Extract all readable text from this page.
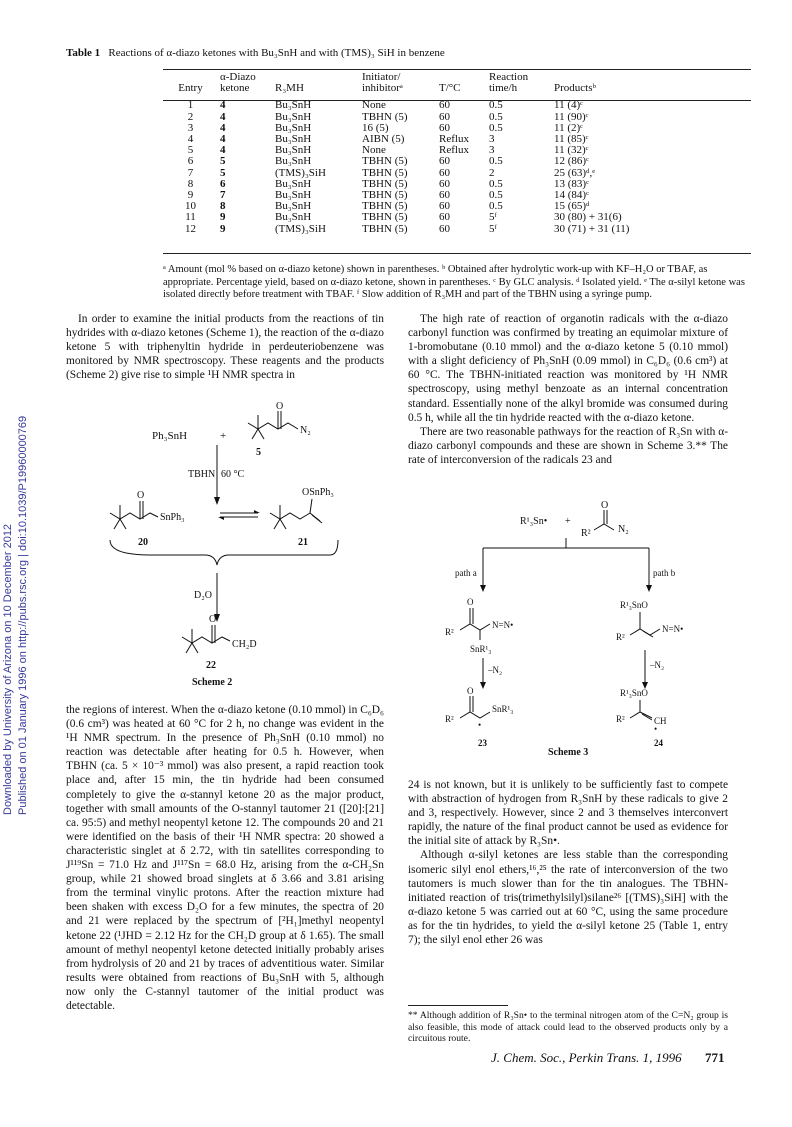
Downloaded by University of Arizona on 10 December 2012 Published on 01 January 1996 on http://pubs.rsc.org | doi:10.1039/P19960000769
Table 1 Reactions of α-diazo ketones with Bu₃SnH and with (TMS)₃ SiH in benzene
	α-Diazo		Initiator/		Reaction	
Entry	ketone	R₃MH	inhibitorᵃ	T/°C	time/h	Productsᵇ

1	4	Bu₃SnH	None	60	0.5	11 (4)ᶜ
2	4	Bu₃SnH	TBHN (5)	60	0.5	11 (90)ᶜ
3	4	Bu₃SnH	16 (5)	60	0.5	11 (2)ᶜ
4	4	Bu₃SnH	AIBN (5)	Reflux	3	11 (85)ᶜ
5	4	Bu₃SnH	None	Reflux	3	11 (32)ᶜ
6	5	Bu₃SnH	TBHN (5)	60	0.5	12 (86)ᶜ
7	5	(TMS)₃SiH	TBHN (5)	60	2	25 (63)ᵈ,ᵉ
8	6	Bu₃SnH	TBHN (5)	60	0.5	13 (83)ᶜ
9	7	Bu₃SnH	TBHN (5)	60	0.5	14 (84)ᶜ
10	8	Bu₃SnH	TBHN (5)	60	0.5	15 (65)ᵈ
11	9	Bu₃SnH	TBHN (5)	60	5ᶠ	30 (80) + 31(6)
12	9	(TMS)₃SiH	TBHN (5)	60	5ᶠ	30 (71) + 31 (11)
ᵃ Amount (mol % based on α-diazo ketone) shown in parentheses. ᵇ Obtained after hydrolytic work-up with KF–H₂O or TBAF, as appropriate. Percentage yield, based on α-diazo ketone, shown in parentheses. ᶜ By GLC analysis. ᵈ Isolated yield. ᵉ The α-silyl ketone was isolated directly before treatment with TBAF. ᶠ Slow addition of R₃MH and part of the TBHN using a syringe pump.

In order to examine the initial products from the reactions of tin hydrides with α-diazo ketones (Scheme 1), the reaction of the α-diazo ketone 5 with triphenyltin hydride in perdeuteriobenzene was monitored by NMR spectroscopy. These reagents and the products (Scheme 2) give rise to simple ¹H NMR spectra in

Ph₃SnH	+
O
N₂
5
TBHN 60 °C
O
SnPh₃
20
OSnPh₃
21
D₂O
O
CH₂D
22
Scheme 2

the regions of interest. When the α-diazo ketone (0.10 mmol) in C₆D₆ (0.6 cm³) was heated at 60 °C for 2 h, no change was evident in the ¹H NMR spectrum. In the presence of Ph₃SnH (0.10 mmol) no reaction was detectable after heating for 0.5 h. However, when TBHN (ca. 5 × 10⁻³ mmol) was also present, a rapid reaction took place and, after 15 min, the tin hydride had been consumed completely to give the α-stannyl ketone 20 as the major product, together with small amounts of the O-stannyl tautomer 21 ([20]:[21] ca. 95:5) and methyl neopentyl ketone 12. The compounds 20 and 21 were identified on the basis of their ¹H NMR spectra: 20 showed a characteristic singlet at δ 2.72, with tin satellites corresponding to J¹¹⁹Sn = 71.0 Hz and J¹¹⁷Sn = 68.0 Hz, arising from the α-CH₂Sn group, while 21 showed broad singlets at δ 3.66 and 3.81 arising from the terminal vinylic protons. After the reaction mixture had been shaken with excess D₂O for a few minutes, the spectra of 20 and 21 were replaced by the spectrum of [²H₁]methyl neopentyl ketone 22 (¹JHD = 2.12 Hz for the CH₂D group at δ 1.65). The small amount of methyl neopentyl ketone detected initially probably arises from hydrolysis of 20 and 21 by traces of adventitious water. Similar results were obtained from reactions of Bu₃SnH with 5, although now only the C-stannyl tautomer of the initial product was detectable.

The high rate of reaction of organotin radicals with the α-diazo carbonyl function was confirmed by treating an equimolar mixture of 1-bromobutane (0.10 mmol) and the α-diazo ketone 5 (0.10 mmol) with a slight deficiency of Ph₃SnH (0.09 mmol) in C₆D₆ (0.6 cm³) at 60 °C. The TBHN-initiated reaction was monitored by ¹H NMR spectroscopy, using methyl benzoate as an internal concentration standard. Essentially none of the alkyl bromide was consumed during 0.5 h, while all the tin hydride reacted with the α-diazo ketone.

There are two reasonable pathways for the reaction of R₃Sn with α-diazo carbonyl compounds and these are shown in Scheme 3.** The rate of interconversion of the radicals 23 and

R¹₃Sn• +
R²
O
N₂
path a	path b
O
R²
N=N•
SnR¹₃
R¹₃SnO
R²
N=N•
–N₂	–N₂
O
R²
SnR¹₃
•
23
R¹₃SnO
R²	CH
•
24
Scheme 3

24 is not known, but it is unlikely to be sufficiently fast to compete with abstraction of hydrogen from R₃SnH by these radicals to give 2 and 3, respectively. However, since 2 and 3 themselves interconvert rapidly, the nature of the final product cannot be used as evidence for the initial site of attack by R₃Sn•.

Although α-silyl ketones are less stable than the corresponding isomeric silyl enol ethers,¹⁶,²⁵ the rate of interconversion of the two tautomers is much slower than for the tin analogues. The TBHN-initiated reaction of tris(trimethylsilyl)silane²⁶ [(TMS)₃SiH] with the α-diazo ketone 5 was carried out at 60 °C, using the same procedure as for the tin hydrides, to yield the α-silyl ketone 25 (Table 1, entry 7); the silyl enol ether 26 was

** Although addition of R₃Sn• to the terminal nitrogen atom of the C=N₂ group is also feasible, this mode of attack could lead to the observed products only by a circuitous route.

J. Chem. Soc., Perkin Trans. 1, 1996 771
